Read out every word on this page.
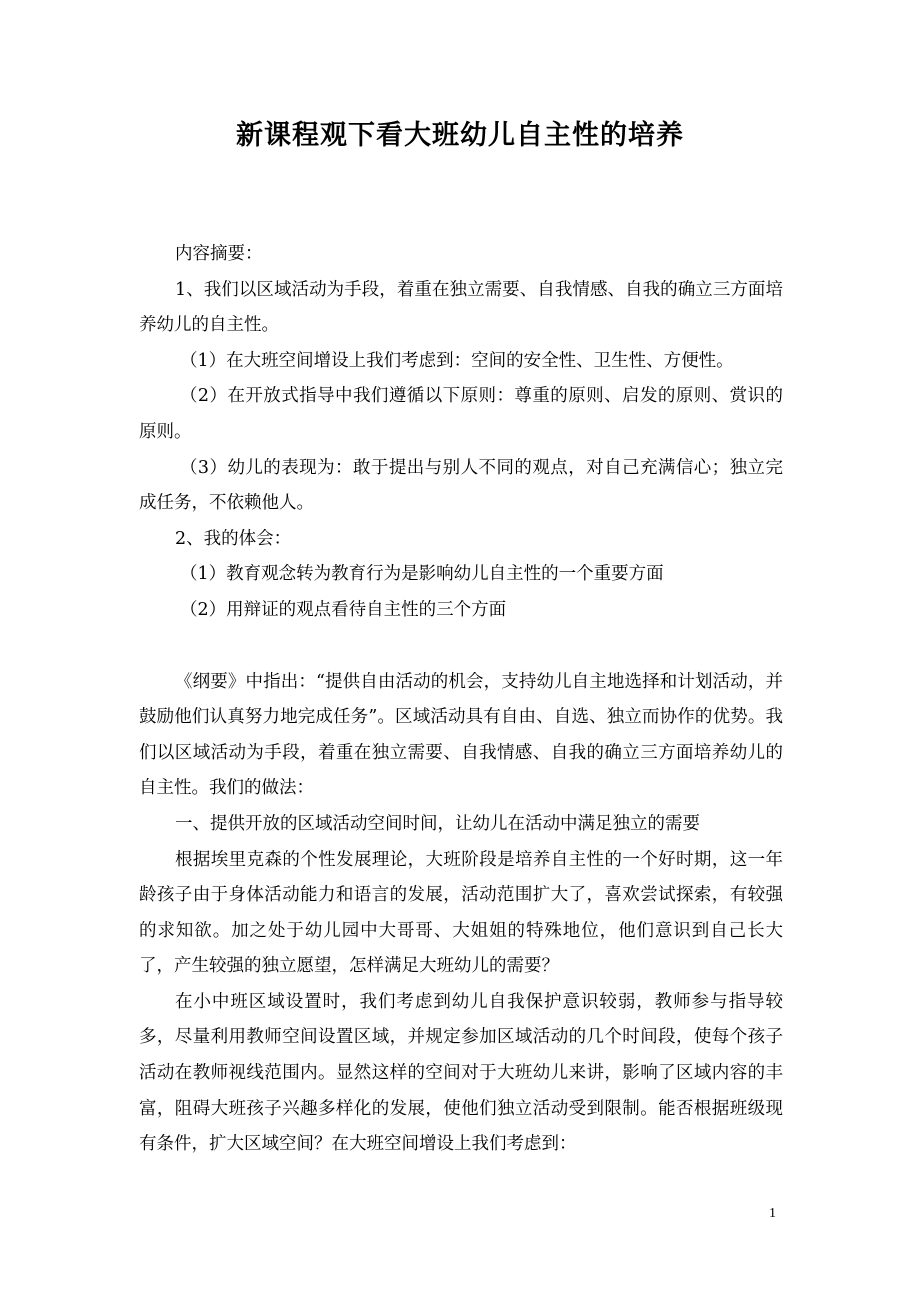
新课程观下看大班幼儿自主性的培养

内容摘要：

1、我们以区域活动为手段，着重在独立需要、自我情感、自我的确立三方面培养幼儿的自主性。

（1）在大班空间增设上我们考虑到：空间的安全性、卫生性、方便性。

（2）在开放式指导中我们遵循以下原则：尊重的原则、启发的原则、赏识的原则。

（3）幼儿的表现为：敢于提出与别人不同的观点，对自己充满信心；独立完成任务，不依赖他人。

2、我的体会：

（1）教育观念转为教育行为是影响幼儿自主性的一个重要方面

（2）用辩证的观点看待自主性的三个方面

《纲要》中指出：“提供自由活动的机会，支持幼儿自主地选择和计划活动，并鼓励他们认真努力地完成任务”。区域活动具有自由、自选、独立而协作的优势。我们以区域活动为手段，着重在独立需要、自我情感、自我的确立三方面培养幼儿的自主性。我们的做法：

一、提供开放的区域活动空间时间，让幼儿在活动中满足独立的需要

根据埃里克森的个性发展理论，大班阶段是培养自主性的一个好时期，这一年龄孩子由于身体活动能力和语言的发展，活动范围扩大了，喜欢尝试探索，有较强的求知欲。加之处于幼儿园中大哥哥、大姐姐的特殊地位，他们意识到自己长大了，产生较强的独立愿望，怎样满足大班幼儿的需要？

在小中班区域设置时，我们考虑到幼儿自我保护意识较弱，教师参与指导较多，尽量利用教师空间设置区域，并规定参加区域活动的几个时间段，使每个孩子活动在教师视线范围内。显然这样的空间对于大班幼儿来讲，影响了区域内容的丰富，阻碍大班孩子兴趣多样化的发展，使他们独立活动受到限制。能否根据班级现有条件，扩大区域空间？在大班空间增设上我们考虑到：

1
